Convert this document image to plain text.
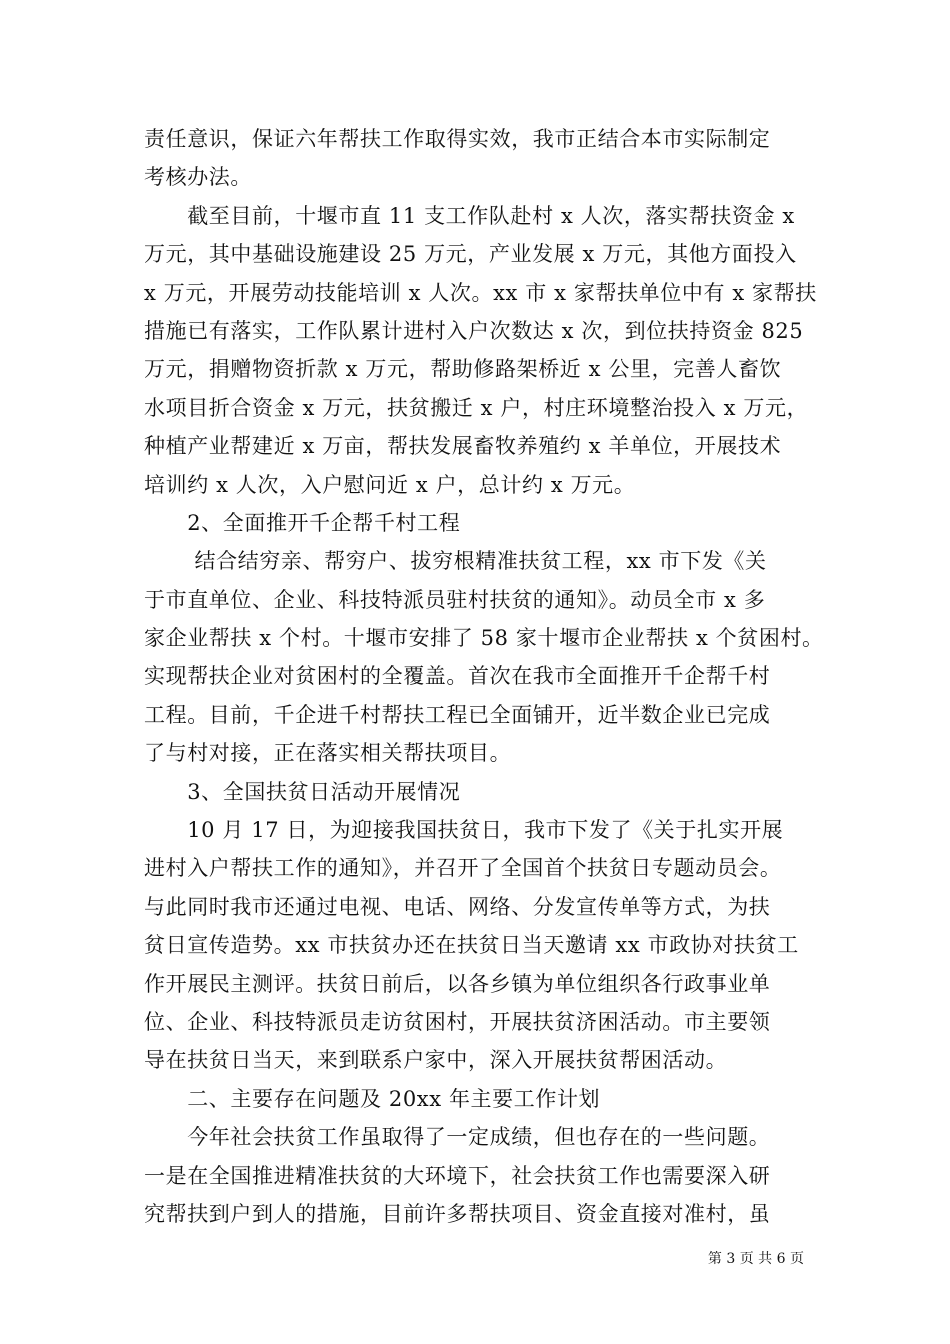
责任意识，保证六年帮扶工作取得实效，我市正结合本市实际制定
考核办法。
　　截至目前，十堰市直 11 支工作队赴村 x 人次，落实帮扶资金 x
万元，其中基础设施建设 25 万元，产业发展 x 万元，其他方面投入
x 万元，开展劳动技能培训 x 人次。xx 市 x 家帮扶单位中有 x 家帮扶
措施已有落实，工作队累计进村入户次数达 x 次，到位扶持资金 825
万元，捐赠物资折款 x 万元，帮助修路架桥近 x 公里，完善人畜饮
水项目折合资金 x 万元，扶贫搬迁 x 户，村庄环境整治投入 x 万元，
种植产业帮建近 x 万亩，帮扶发展畜牧养殖约 x 羊单位，开展技术
培训约 x 人次，入户慰问近 x 户，总计约 x 万元。
　　2、全面推开千企帮千村工程
　　 结合结穷亲、帮穷户、拔穷根精准扶贫工程，xx 市下发《关
于市直单位、企业、科技特派员驻村扶贫的通知》。动员全市 x 多
家企业帮扶 x 个村。十堰市安排了 58 家十堰市企业帮扶 x 个贫困村。
实现帮扶企业对贫困村的全覆盖。首次在我市全面推开千企帮千村
工程。目前，千企进千村帮扶工程已全面铺开，近半数企业已完成
了与村对接，正在落实相关帮扶项目。
　　3、全国扶贫日活动开展情况
　　10 月 17 日，为迎接我国扶贫日，我市下发了《关于扎实开展
进村入户帮扶工作的通知》，并召开了全国首个扶贫日专题动员会。
与此同时我市还通过电视、电话、网络、分发宣传单等方式，为扶
贫日宣传造势。xx 市扶贫办还在扶贫日当天邀请 xx 市政协对扶贫工
作开展民主测评。扶贫日前后，以各乡镇为单位组织各行政事业单
位、企业、科技特派员走访贫困村，开展扶贫济困活动。市主要领
导在扶贫日当天，来到联系户家中，深入开展扶贫帮困活动。
　　二、主要存在问题及 20xx 年主要工作计划
　　今年社会扶贫工作虽取得了一定成绩，但也存在的一些问题。
一是在全国推进精准扶贫的大环境下，社会扶贫工作也需要深入研
究帮扶到户到人的措施，目前许多帮扶项目、资金直接对准村，虽
第 3 页 共 6 页
